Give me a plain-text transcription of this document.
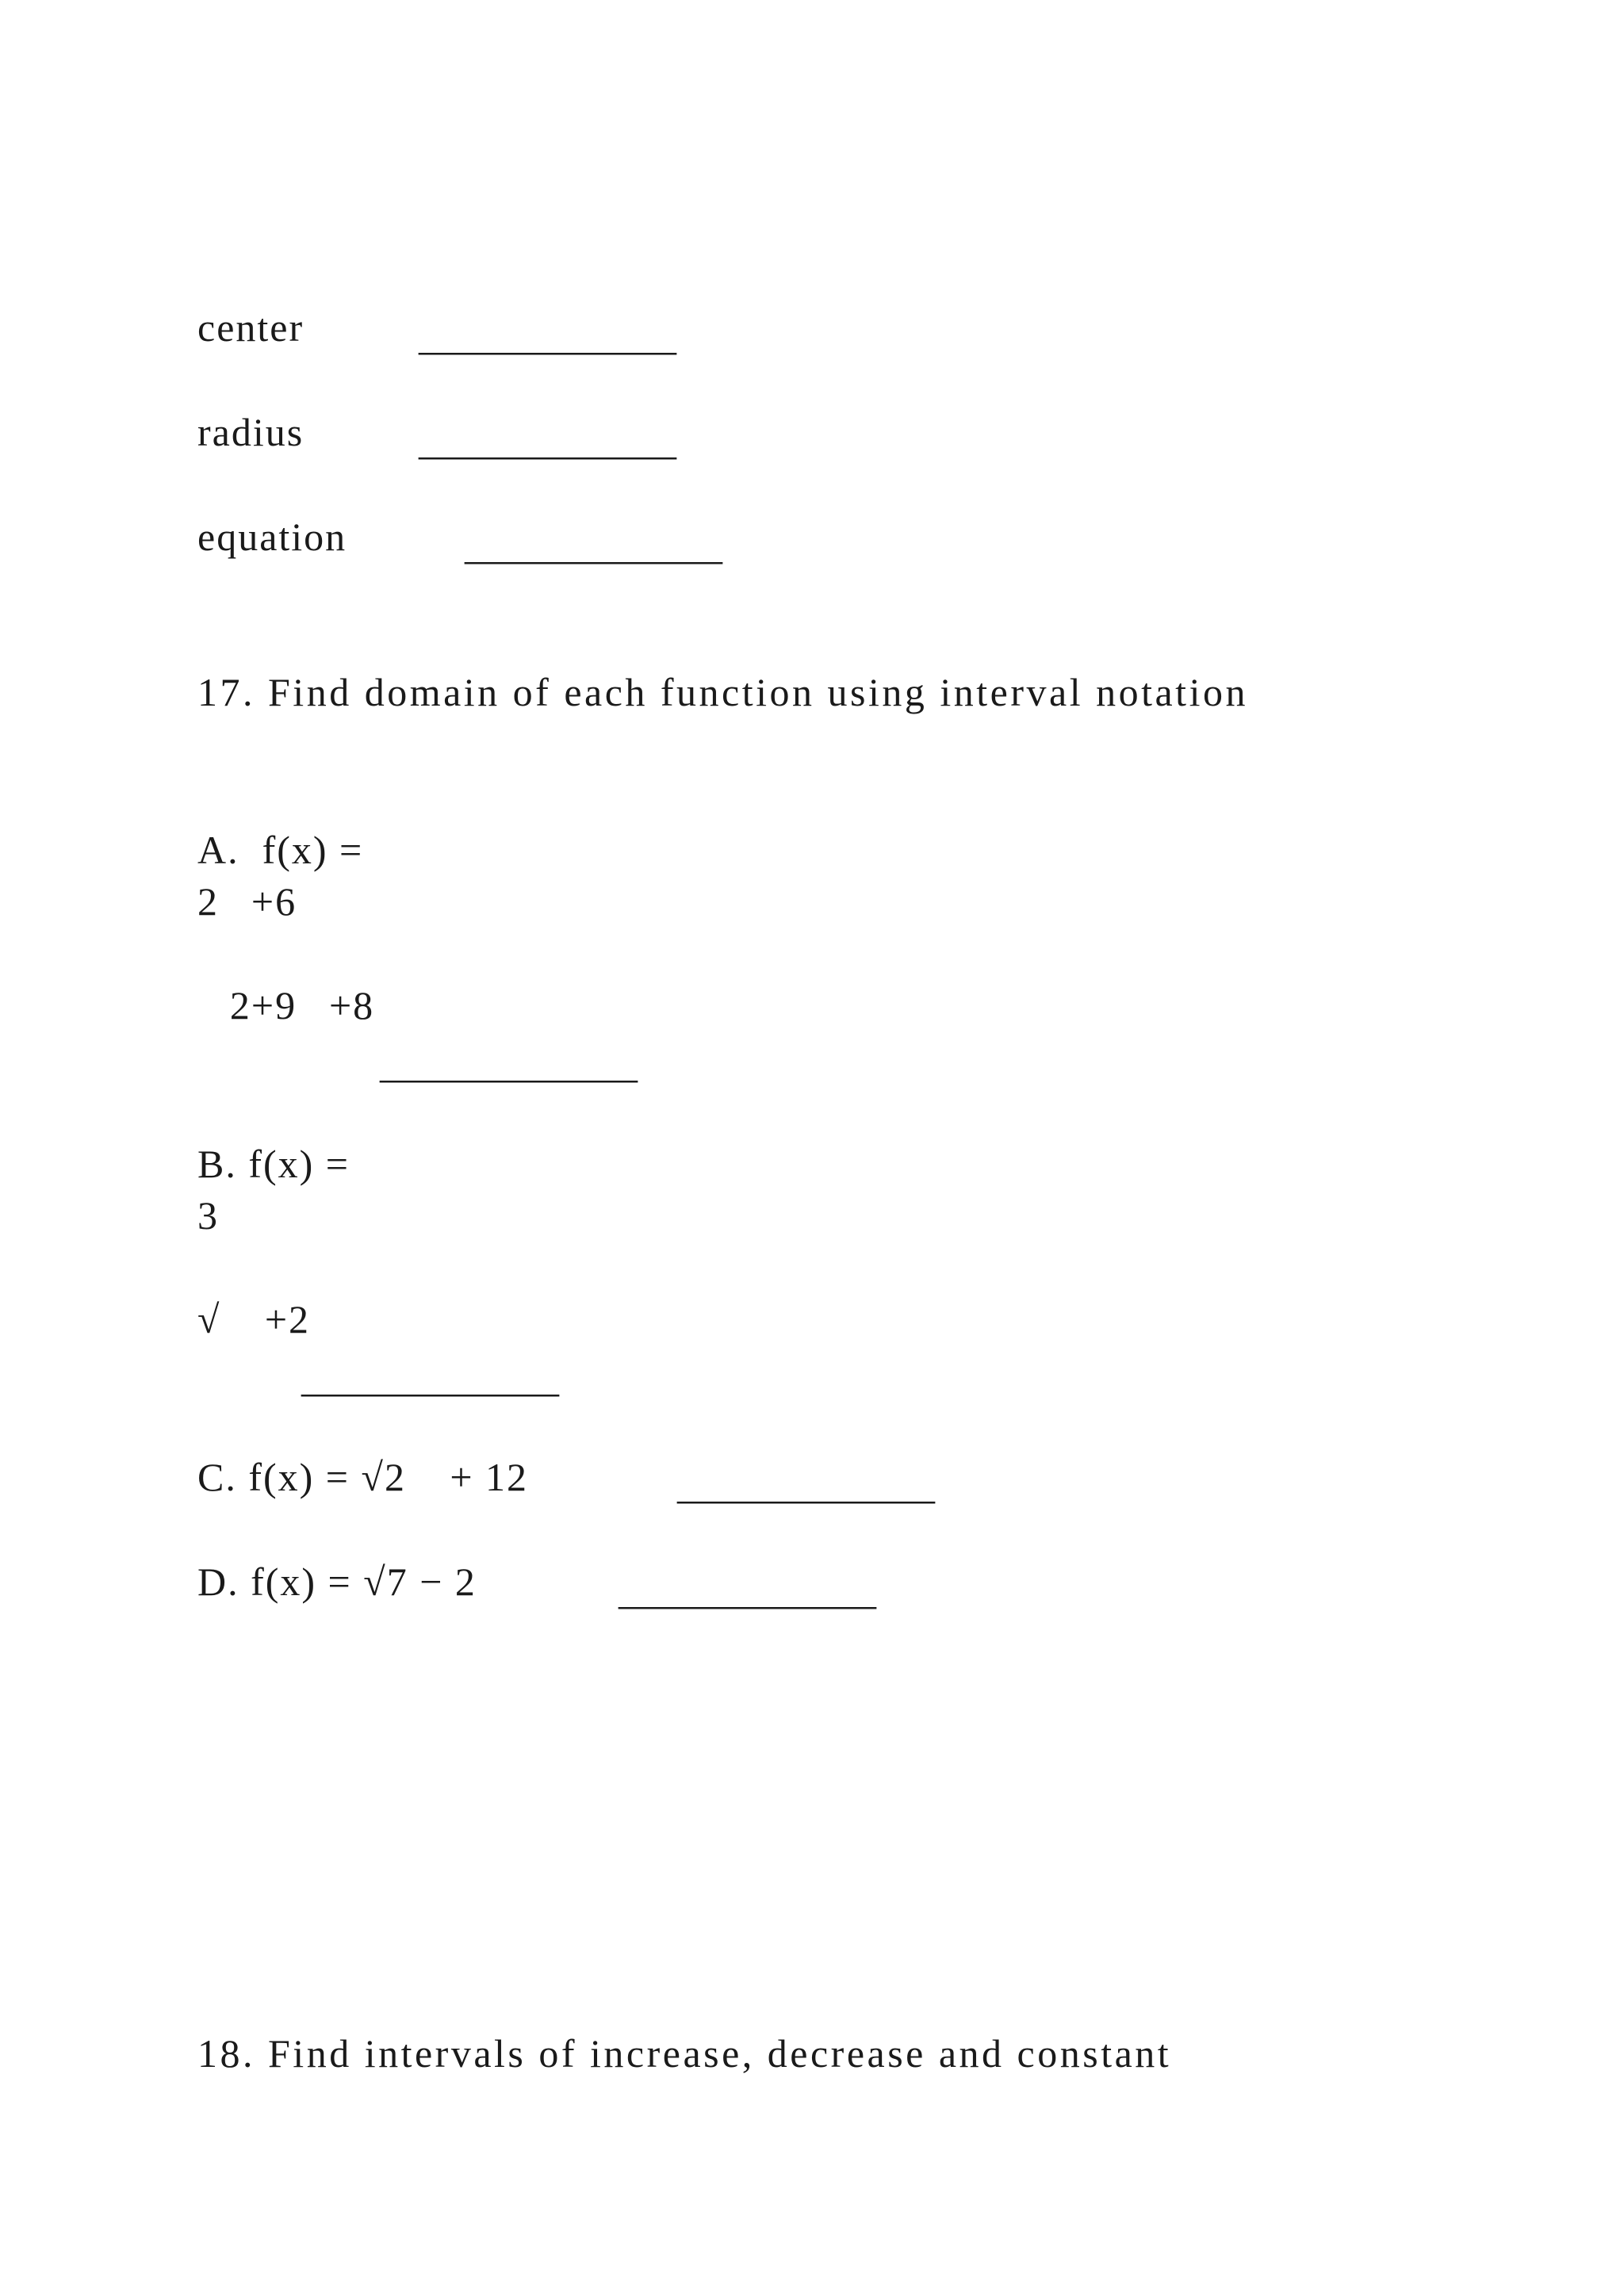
center	_____________
radius	_____________
equation	_____________
17. Find domain of each function using interval notation
A.  f(x) =
2 +6
 2+9 +8
_____________
B. f(x) =
3 
√  +2
_____________
C. f(x) = √2  + 12	_____________
D. f(x) = √7 − 2 	_____________
18. Find intervals of increase, decrease and constant
